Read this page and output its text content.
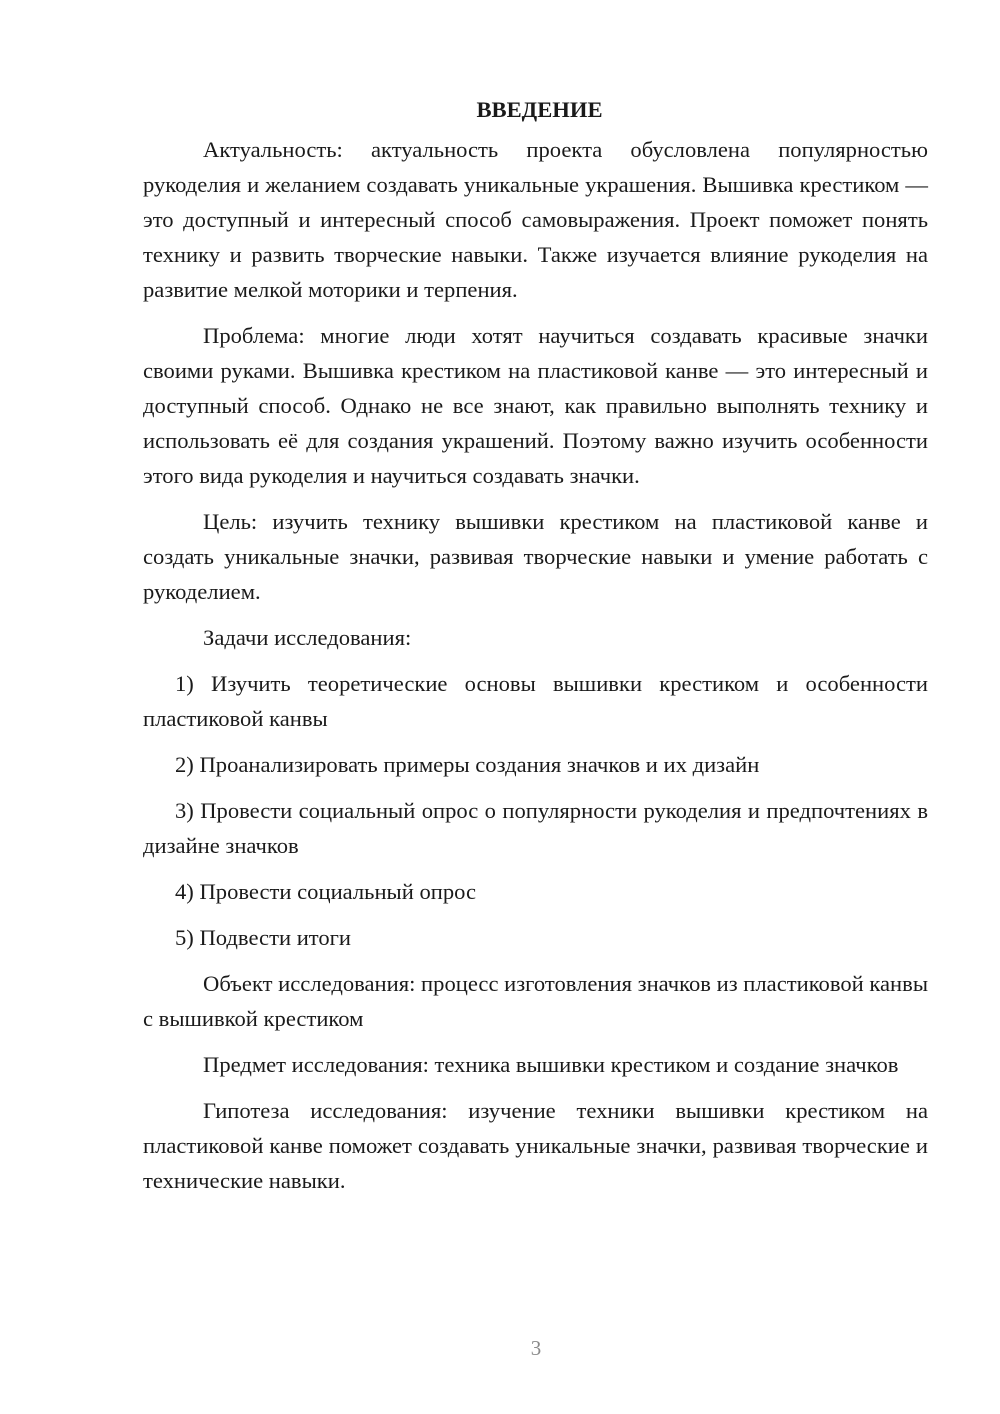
ВВЕДЕНИЕ

Актуальность: актуальность проекта обусловлена популярностью рукоделия и желанием создавать уникальные украшения. Вышивка крестиком — это доступный и интересный способ самовыражения. Проект поможет понять технику и развить творческие навыки. Также изучается влияние рукоделия на развитие мелкой моторики и терпения.

Проблема: многие люди хотят научиться создавать красивые значки своими руками. Вышивка крестиком на пластиковой канве — это интересный и доступный способ. Однако не все знают, как правильно выполнять технику и использовать её для создания украшений. Поэтому важно изучить особенности этого вида рукоделия и научиться создавать значки.

Цель: изучить технику вышивки крестиком на пластиковой канве и создать уникальные значки, развивая творческие навыки и умение работать с рукоделием.

Задачи исследования:

1) Изучить теоретические основы вышивки крестиком и особенности пластиковой канвы

2) Проанализировать примеры создания значков и их дизайн

3) Провести социальный опрос о популярности рукоделия и предпочтениях в дизайне значков

4) Провести социальный опрос

5) Подвести итоги

Объект исследования: процесс изготовления значков из пластиковой канвы с вышивкой крестиком

Предмет исследования: техника вышивки крестиком и создание значков

Гипотеза исследования: изучение техники вышивки крестиком на пластиковой канве поможет создавать уникальные значки, развивая творческие и технические навыки.

3
